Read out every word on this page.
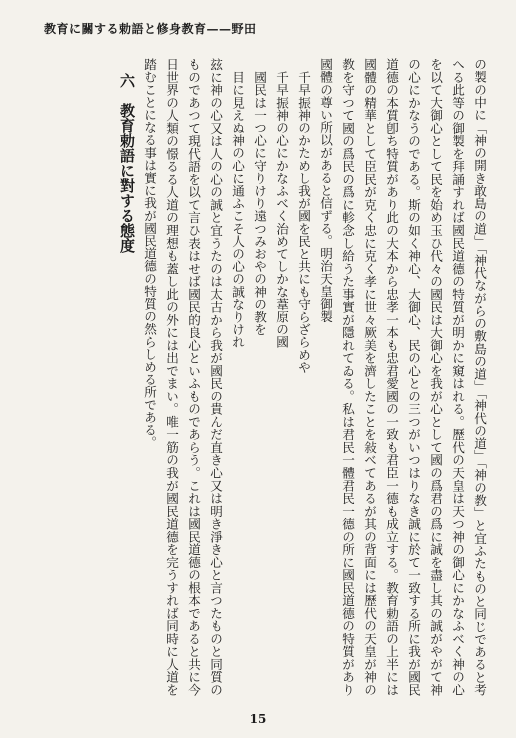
教育に關する勅語と修身教育——野田

の製の中に「神の開き敢島の道」「神代ながらの敷島の道」「神代の道」「神の教」と宜ふたものと同じであると考へる此等の御製を拜誦すれば國民道德の特質が明かに窺はれる。歷代の天皇は天つ神の御心にかなふべく神の心を以て大御心として民を始め玉ひ代々の國民は大御心を我が心として國の爲君の爲に誠を盡し其の誠がやがて神の心にかなうのである。斯の如く神心、大御心、民の心との三つがいつはりなき誠に於て一致する所に我が國民道德の本質卽ち特質があり此の大本から忠孝一本も忠君愛國の一致も君臣一德も成立する。教育勅語の上半には國體の精華として臣民が克く忠に克く孝に世々厥美を濟したことを敍べてあるが其の背面には歷代の天皇が神の教を守つて國の爲民の爲に軫念し給うた事實が隱れてゐる。私は君民一體君民一德の所に國民道德の特質があり國體の尊い所以があると信ずる。明治天皇御製

千早振神のかためし我が國を民と共にも守らざらめや

千早振神の心にかなふべく治めてしかな葦原の國

國民は一つ心に守りけり遠つみおやの神の教を

目に見えぬ神の心に通ふこそ人の心の誠なりけれ

玆に神の心又は人の心の誠と宜うたのは太古から我が國民の貴んだ直き心又は明き淨き心と言つたものと同質のものであつて現代語を以て言ひ表はせば國民的良心といふものであらう。これは國民道德の根本であると共に今日世界の人類の憬るる人道の理想も蓋し此の外には出でまい。唯一筋の我が國民道德を完うすれば同時に人道を踏むことになる事は實に我が國民道德の特質の然らしめる所である。

六　教育勅語に對する態度

15
